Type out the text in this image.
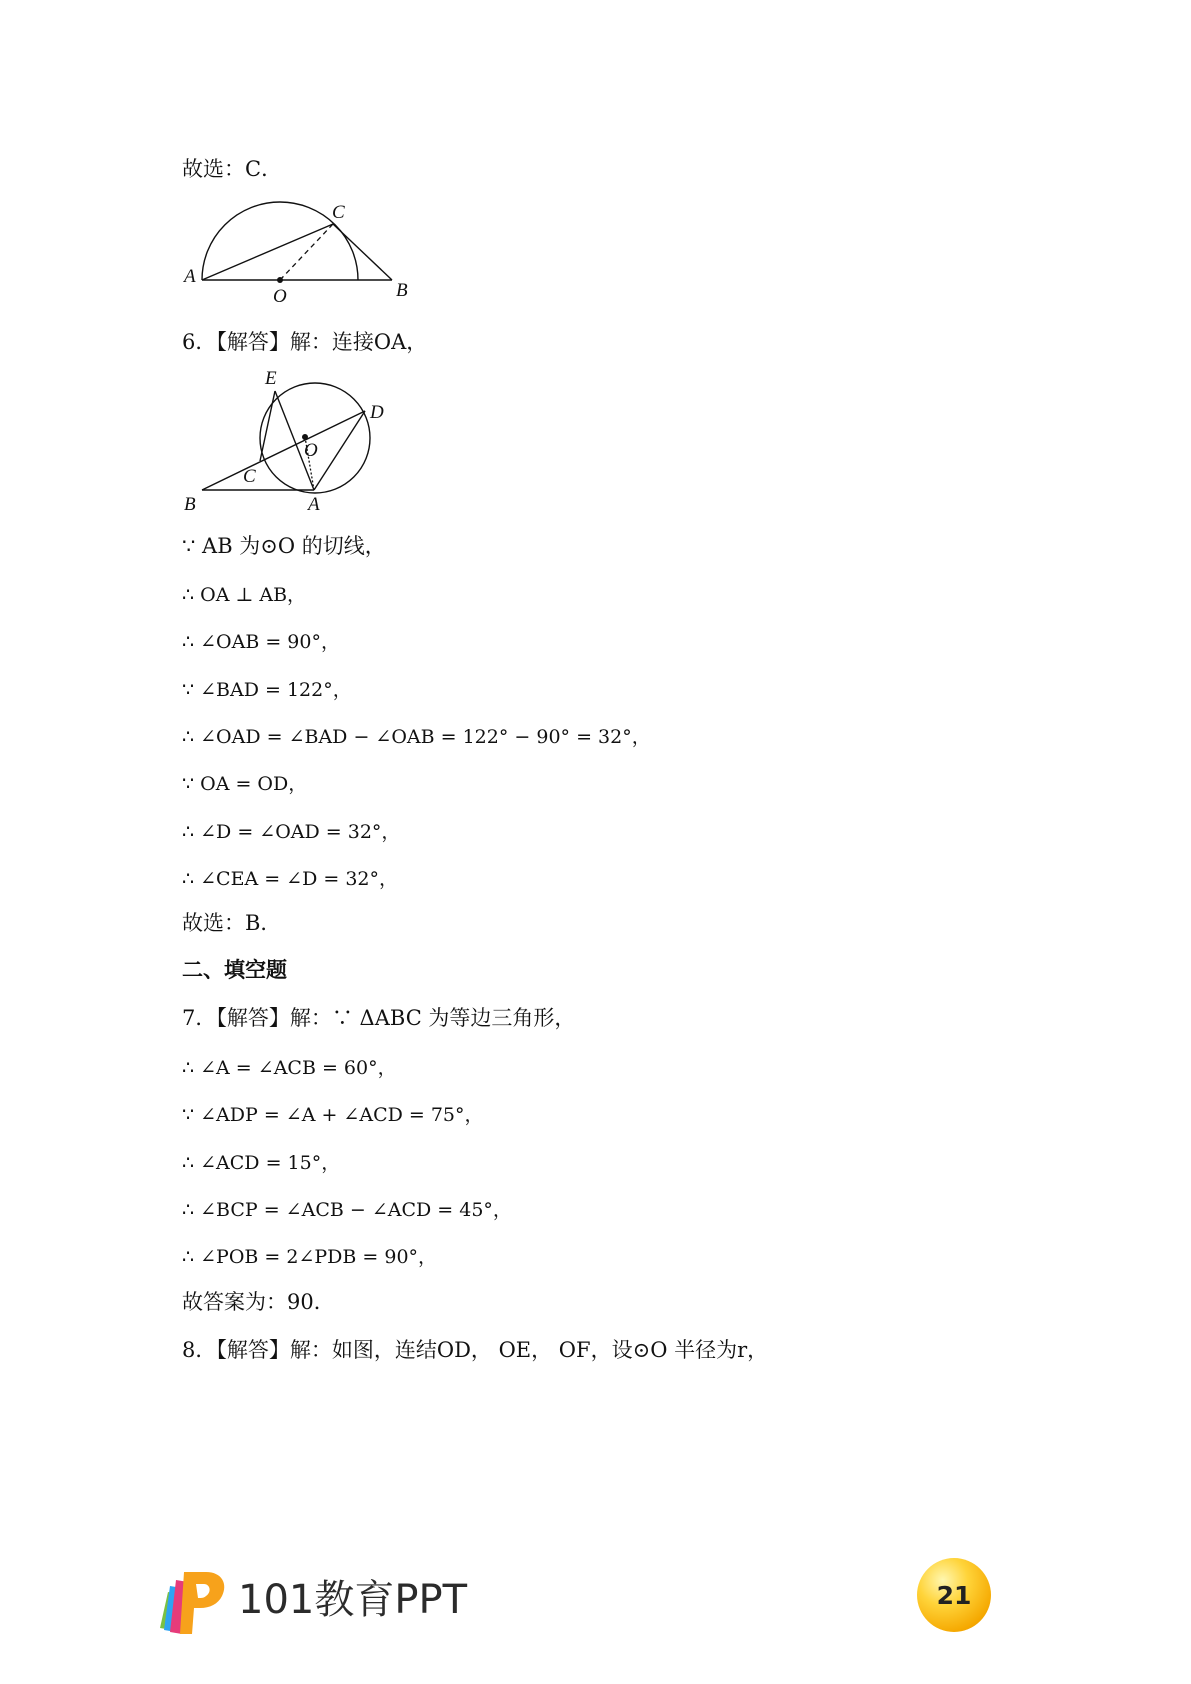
故选：C．
A
B
C
O
6．【解答】解：连接OA，
E
D
O
C
B	A
∵ AB 为⊙O 的切线，
∴ OA ⊥ AB，
∴ ∠OAB = 90°，
∵ ∠BAD = 122°，
∴ ∠OAD = ∠BAD − ∠OAB = 122° − 90° = 32°，
∵ OA = OD，
∴ ∠D = ∠OAD = 32°，
∴ ∠CEA = ∠D = 32°，
故选：B．
二、填空题
7．【解答】解：∵ ΔABC 为等边三角形，
∴ ∠A = ∠ACB = 60°，
∵ ∠ADP = ∠A + ∠ACD = 75°，
∴ ∠ACD = 15°，
∴ ∠BCP = ∠ACB − ∠ACD = 45°，
∴ ∠POB = 2∠PDB = 90°，
故答案为：90．
8．【解答】解：如图，连结OD， OE， OF，设⊙O 半径为r，
101教育PPT	21
